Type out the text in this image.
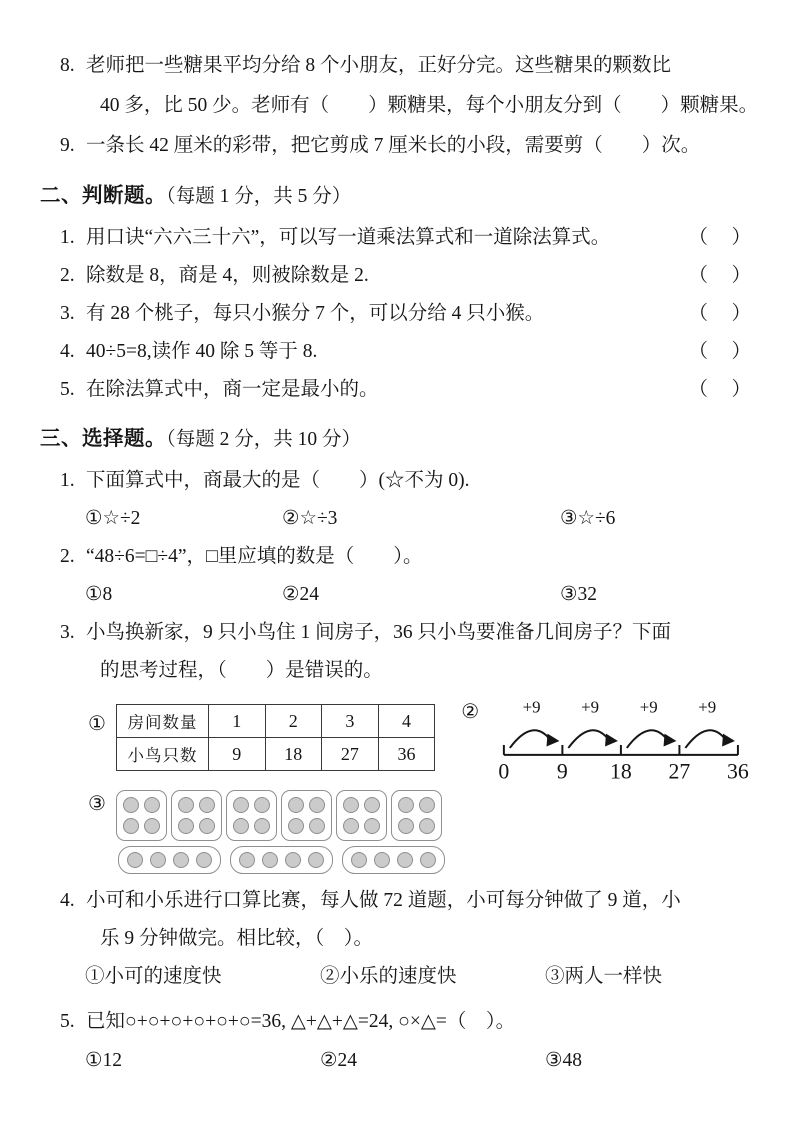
8. 老师把一些糖果平均分给 8 个小朋友，正好分完。这些糖果的颗数比
40 多，比 50 少。老师有（　　）颗糖果，每个小朋友分到（　　）颗糖果。
9. 一条长 42 厘米的彩带，把它剪成 7 厘米长的小段，需要剪（　　）次。
二、判断题。（每题 1 分，共 5 分）
1. 用口诀“六六三十六”，可以写一道乘法算式和一道除法算式。	（　）
2. 除数是 8，商是 4，则被除数是 2.	（　）
3. 有 28 个桃子，每只小猴分 7 个，可以分给 4 只小猴。	（　）
4. 40÷5=8,读作 40 除 5 等于 8.	（　）
5. 在除法算式中，商一定是最小的。	（　）
三、选择题。（每题 2 分，共 10 分）
1. 下面算式中，商最大的是（　　）(☆不为 0).
①☆÷2	②☆÷3	③☆÷6
2. “48÷6=□÷4”，□里应填的数是（　　）。
①8	②24	③32
3. 小鸟换新家，9 只小鸟住 1 间房子，36 只小鸟要准备几间房子？下面
的思考过程，（　　）是错误的。
① 房间数量	1	2	3	4
小鸟只数	9	18	27	36
②	+9 +9 +9 +9
0 9 18 27 36
③
4. 小可和小乐进行口算比赛，每人做 72 道题，小可每分钟做了 9 道，小
乐 9 分钟做完。相比较，（　）。
①小可的速度快	②小乐的速度快	③两人一样快
5. 已知○+○+○+○+○+○=36, △+△+△=24, ○×△=（　）。
①12	②24	③48
